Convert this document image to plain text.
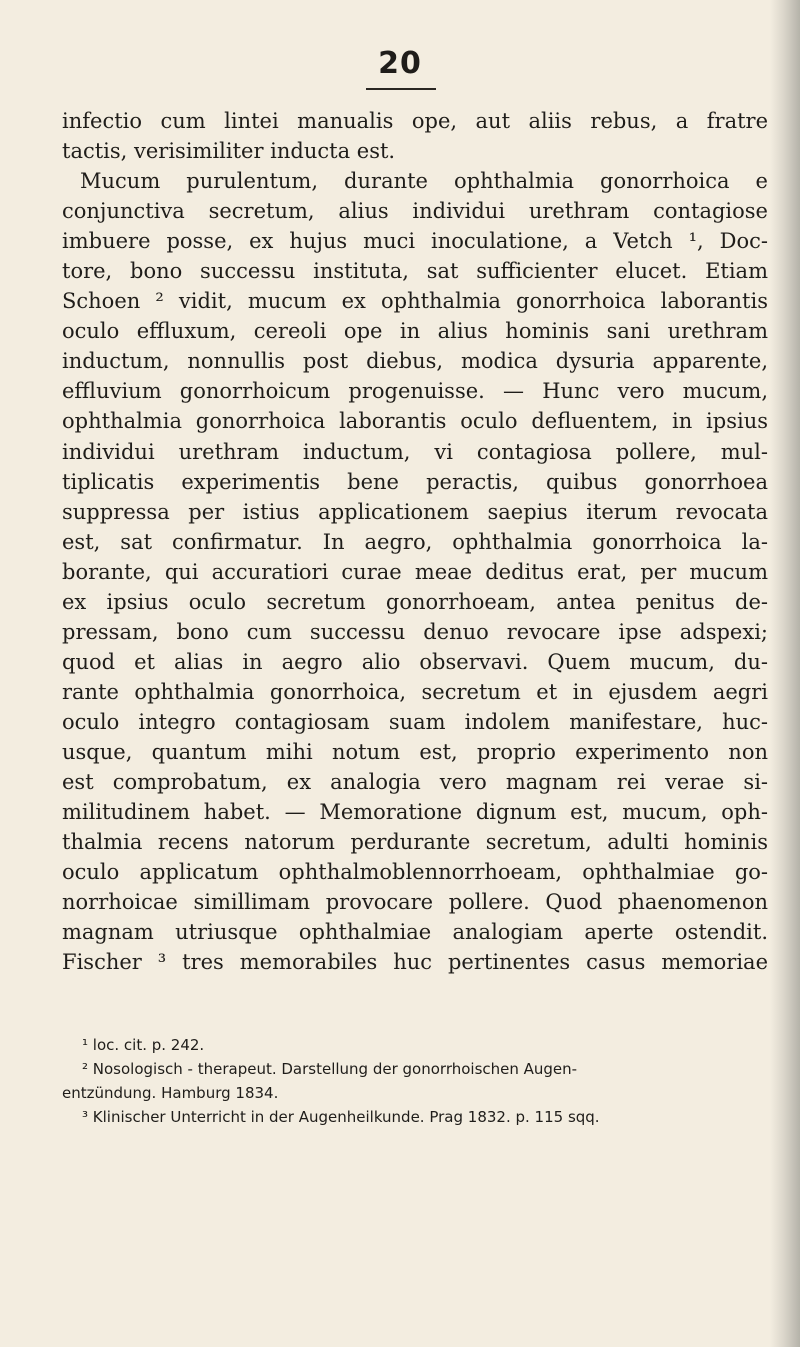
20
infectio cum lintei manualis ope, aut aliis rebus, a fratre
tactis, verisimiliter inducta est.
Mucum purulentum, durante ophthalmia gonorrhoica e
conjunctiva secretum, alius individui urethram contagiose
imbuere posse, ex hujus muci inoculatione, a Vetch ¹, Doc-
tore, bono successu instituta, sat sufficienter elucet. Etiam
Schoen ² vidit, mucum ex ophthalmia gonorrhoica laborantis
oculo effluxum, cereoli ope in alius hominis sani urethram
inductum, nonnullis post diebus, modica dysuria apparente,
effluvium gonorrhoicum progenuisse. — Hunc vero mucum,
ophthalmia gonorrhoica laborantis oculo defluentem, in ipsius
individui urethram inductum, vi contagiosa pollere, mul-
tiplicatis experimentis bene peractis, quibus gonorrhoea
suppressa per istius applicationem saepius iterum revocata
est, sat confirmatur. In aegro, ophthalmia gonorrhoica la-
borante, qui accuratiori curae meae deditus erat, per mucum
ex ipsius oculo secretum gonorrhoeam, antea penitus de-
pressam, bono cum successu denuo revocare ipse adspexi;
quod et alias in aegro alio observavi. Quem mucum, du-
rante ophthalmia gonorrhoica, secretum et in ejusdem aegri
oculo integro contagiosam suam indolem manifestare, huc-
usque, quantum mihi notum est, proprio experimento non
est comprobatum, ex analogia vero magnam rei verae si-
militudinem habet. — Memoratione dignum est, mucum, oph-
thalmia recens natorum perdurante secretum, adulti hominis
oculo applicatum ophthalmoblennorrhoeam, ophthalmiae go-
norrhoicae simillimam provocare pollere. Quod phaenomenon
magnam utriusque ophthalmiae analogiam aperte ostendit.
Fischer ³ tres memorabiles huc pertinentes casus memoriae
¹ loc. cit. p. 242.
² Nosologisch - therapeut. Darstellung der gonorrhoischen Augen-
entzündung. Hamburg 1834.
³ Klinischer Unterricht in der Augenheilkunde. Prag 1832. p. 115 sqq.
